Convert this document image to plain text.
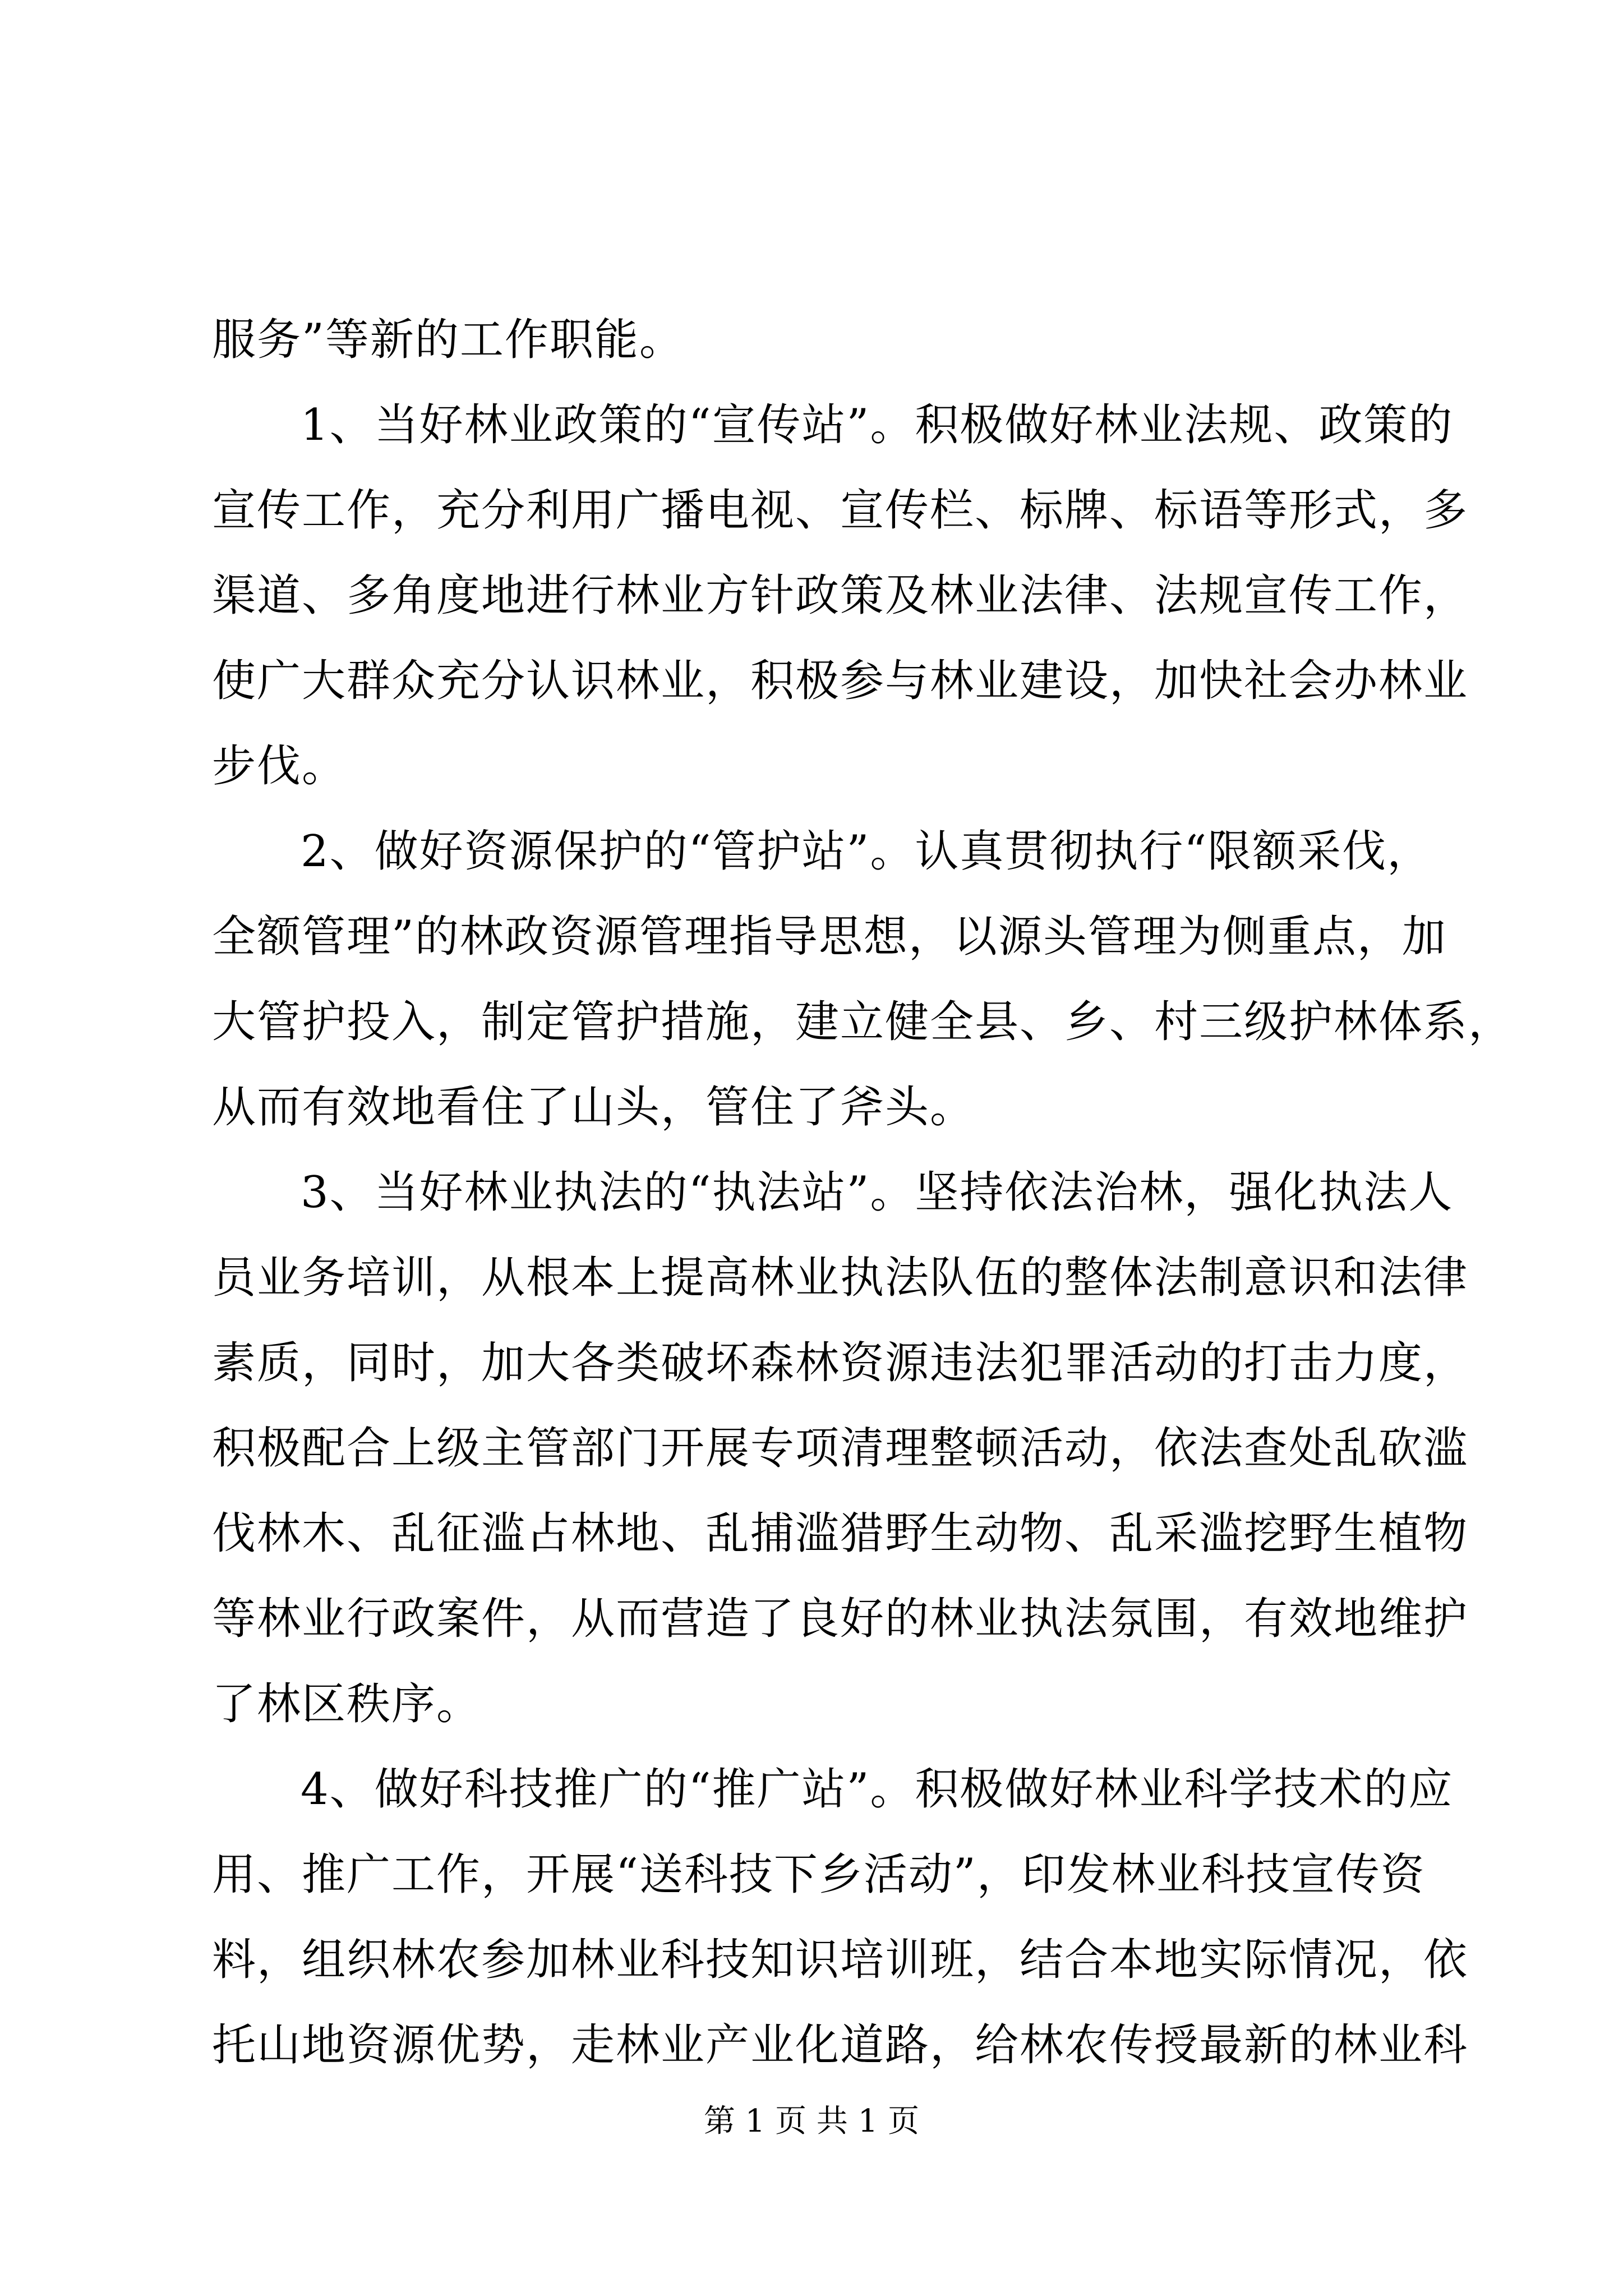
服务”等新的工作职能。
1、当好林业政策的“宣传站”。积极做好林业法规、政策的
宣传工作，充分利用广播电视、宣传栏、标牌、标语等形式，多
渠道、多角度地进行林业方针政策及林业法律、法规宣传工作，
使广大群众充分认识林业，积极参与林业建设，加快社会办林业
步伐。
2、做好资源保护的“管护站”。认真贯彻执行“限额采伐，
全额管理”的林政资源管理指导思想，以源头管理为侧重点，加
大管护投入，制定管护措施，建立健全县、乡、村三级护林体系，
从而有效地看住了山头，管住了斧头。
3、当好林业执法的“执法站”。坚持依法治林，强化执法人
员业务培训，从根本上提高林业执法队伍的整体法制意识和法律
素质，同时，加大各类破坏森林资源违法犯罪活动的打击力度，
积极配合上级主管部门开展专项清理整顿活动，依法查处乱砍滥
伐林木、乱征滥占林地、乱捕滥猎野生动物、乱采滥挖野生植物
等林业行政案件，从而营造了良好的林业执法氛围，有效地维护
了林区秩序。
4、做好科技推广的“推广站”。积极做好林业科学技术的应
用、推广工作，开展“送科技下乡活动”，印发林业科技宣传资
料，组织林农参加林业科技知识培训班，结合本地实际情况，依
托山地资源优势，走林业产业化道路，给林农传授最新的林业科
第 1 页 共 1 页
